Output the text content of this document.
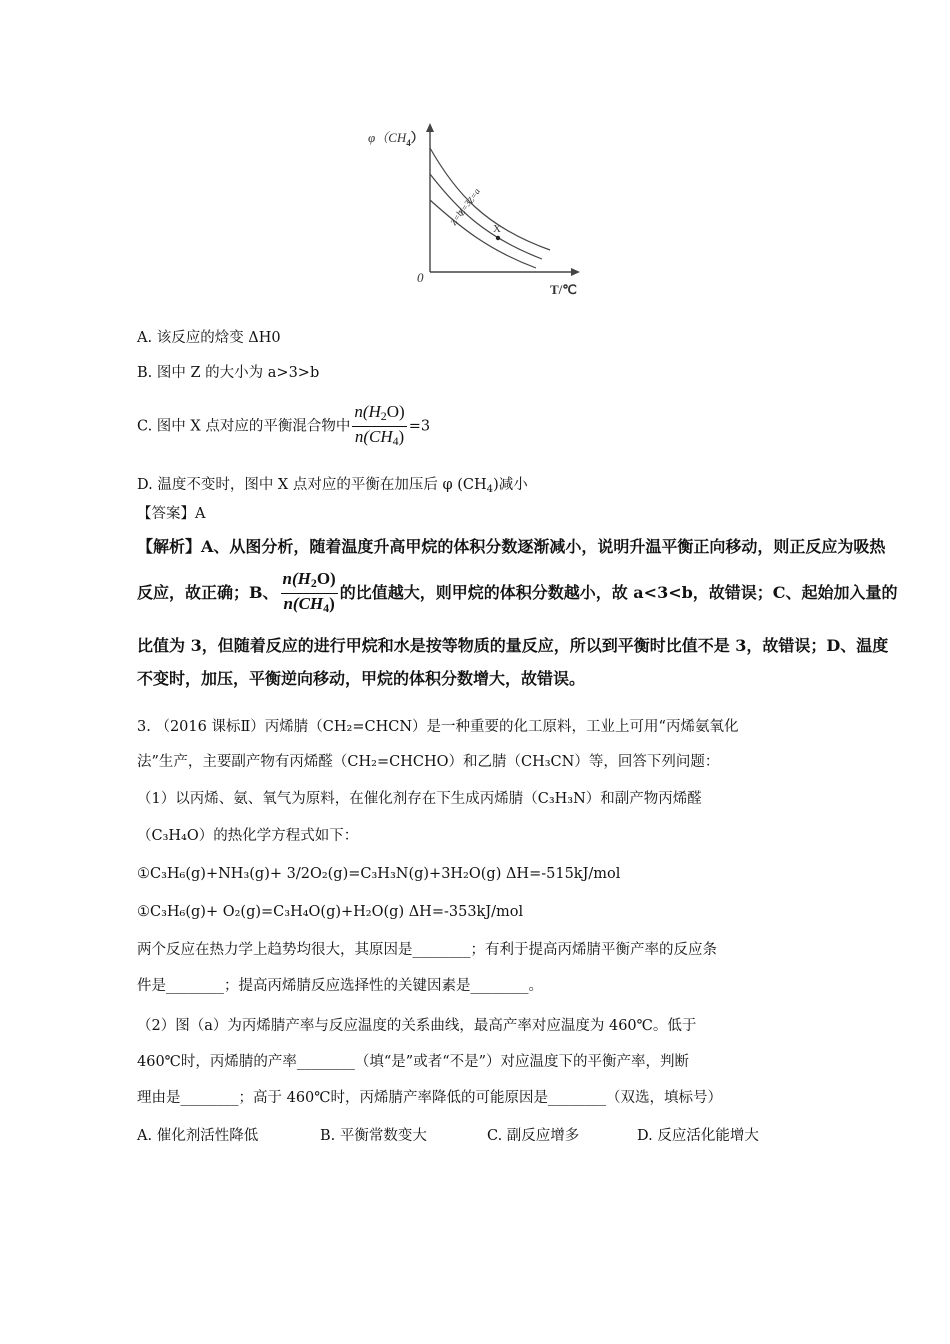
$\varphi(CH_4)$
0
T/℃
Z=a
Z=3
Z=b
X
A. 该反应的焓变 ΔH0
B. 图中 Z 的大小为 a>3>b
C. 图中 X 点对应的平衡混合物中 $\frac{n(H_2O)}{n(CH_4)} =3$
D. 温度不变时，图中 X 点对应的平衡在加压后 φ $(CH_4)$减小
【答案】A
【解析】A、从图分析，随着温度升高甲烷的体积分数逐渐减小，说明升温平衡正向移动，则正反应为吸热
反应，故正确；B、 $\frac{n(H_2O)}{n(CH_4)}$ 的比值越大，则甲烷的体积分数越小，故 a<3<b，故错误；C、起始加入量的
比值为 3，但随着反应的进行甲烷和水是按等物质的量反应，所以到平衡时比值不是 3，故错误；D、温度
不变时，加压，平衡逆向移动，甲烷的体积分数增大，故错误。
3. （2016 课标Ⅱ）丙烯腈（CH₂=CHCN）是一种重要的化工原料，工业上可用“丙烯氨氧化
法”生产，主要副产物有丙烯醛（CH₂=CHCHO）和乙腈（CH₃CN）等，回答下列问题：
（1）以丙烯、氨、氧气为原料，在催化剂存在下生成丙烯腈（C₃H₃N）和副产物丙烯醛
（C₃H₄O）的热化学方程式如下：
①C₃H₆(g)+NH₃(g)+ 3/2O₂(g)=C₃H₃N(g)+3H₂O(g) ΔH=-515kJ/mol
①C₃H₆(g)+ O₂(g)=C₃H₄O(g)+H₂O(g) ΔH=-353kJ/mol
两个反应在热力学上趋势均很大，其原因是________；有利于提高丙烯腈平衡产率的反应条
件是________；提高丙烯腈反应选择性的关键因素是________。
（2）图（a）为丙烯腈产率与反应温度的关系曲线，最高产率对应温度为 460℃。低于
460℃时，丙烯腈的产率________（填“是”或者“不是”）对应温度下的平衡产率，判断
理由是________；高于 460℃时，丙烯腈产率降低的可能原因是________（双选，填标号）
A. 催化剂活性降低	B. 平衡常数变大	C. 副反应增多	D. 反应活化能增大
